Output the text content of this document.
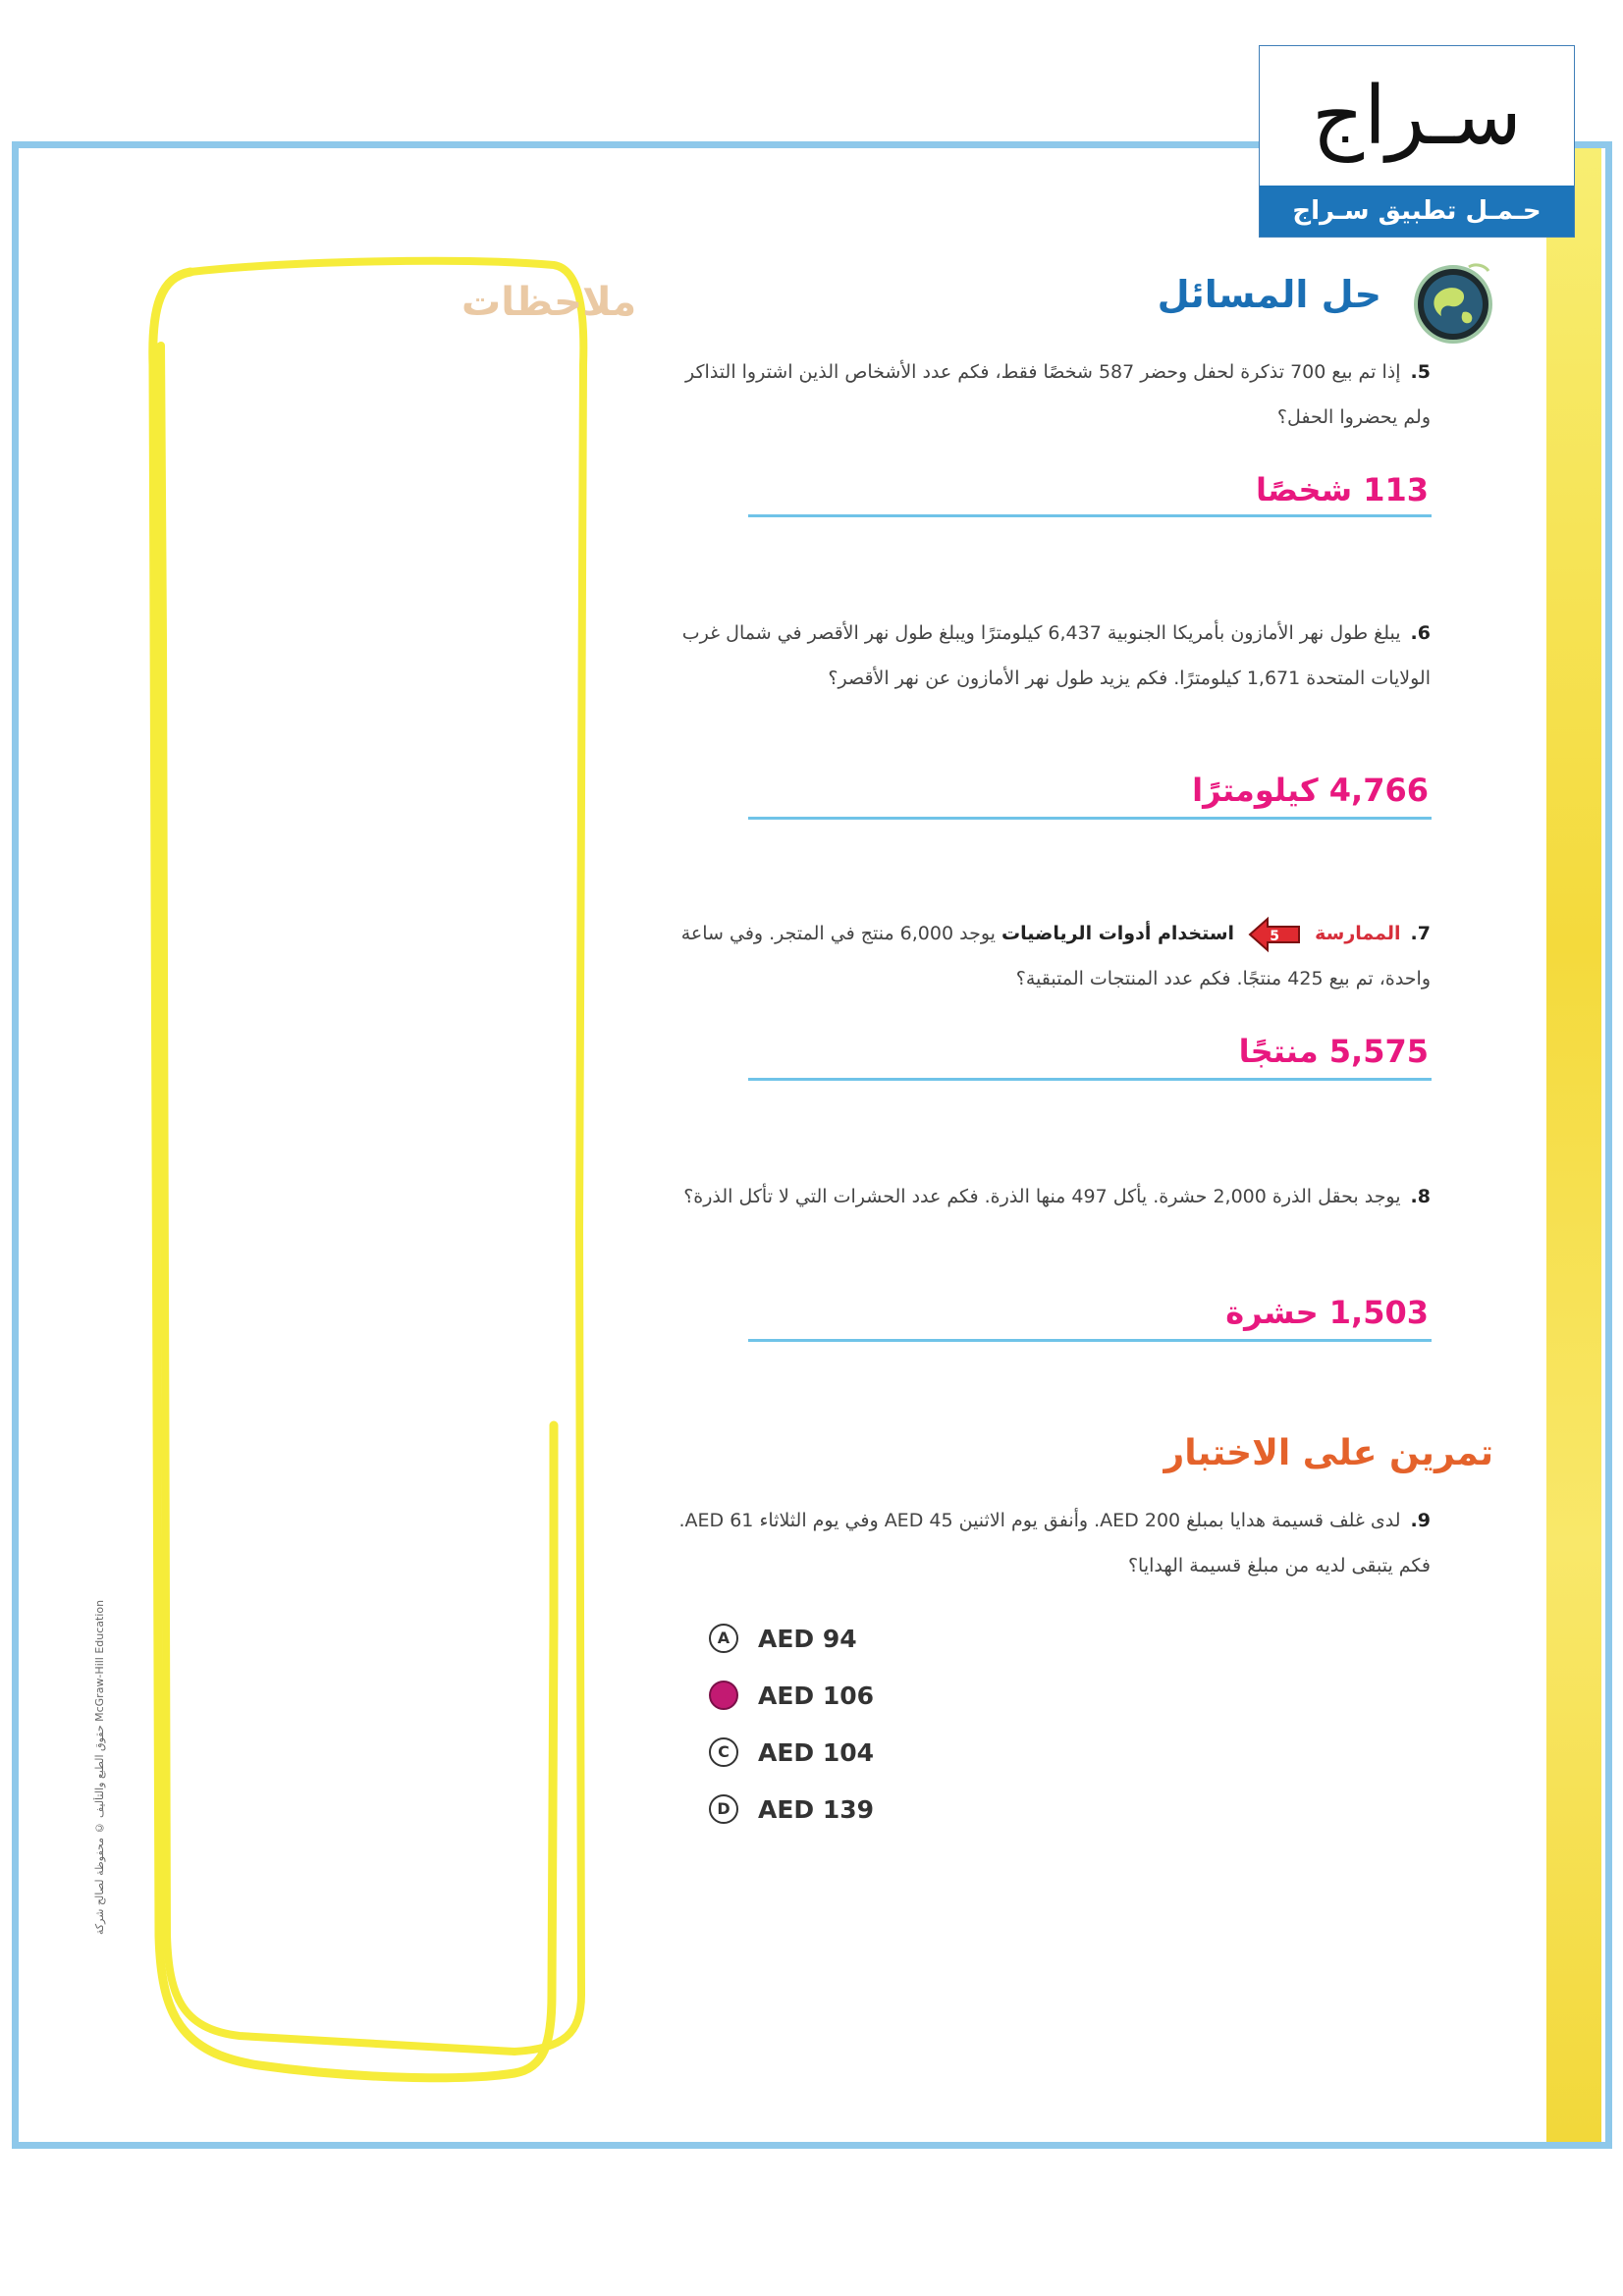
سـراج
حـمـل تطبيق سـراج
ملاحظات
McGraw-Hill Education حقوق الطبع والتأليف © محفوظة لصالح شركة
حل المسائل
5.إذا تم بيع 700 تذكرة لحفل وحضر 587 شخصًا فقط، فكم عدد الأشخاص الذين اشتروا التذاكر ولم يحضروا الحفل؟
113 شخصًا
6.يبلغ طول نهر الأمازون بأمريكا الجنوبية 6,437 كيلومترًا ويبلغ طول نهر الأقصر في شمال غرب الولايات المتحدة 1,671 كيلومترًا. فكم يزيد طول نهر الأمازون عن نهر الأقصر؟
4,766 كيلومترًا
7.الممارسة
5
استخدام أدوات الرياضيات يوجد 6,000 منتج في المتجر. وفي ساعة واحدة، تم بيع 425 منتجًا. فكم عدد المنتجات المتبقية؟
5,575 منتجًا
8.يوجد بحقل الذرة 2,000 حشرة. يأكل 497 منها الذرة. فكم عدد الحشرات التي لا تأكل الذرة؟
1,503 حشرة
تمرين على الاختبار
9.لدى غلف قسيمة هدايا بمبلغ 200 AED. وأنفق يوم الاثنين 45 AED وفي يوم الثلاثاء 61 AED. فكم يتبقى لديه من مبلغ قسيمة الهدايا؟
A	AED 94
B	AED 106
C	AED 104
D	AED 139
